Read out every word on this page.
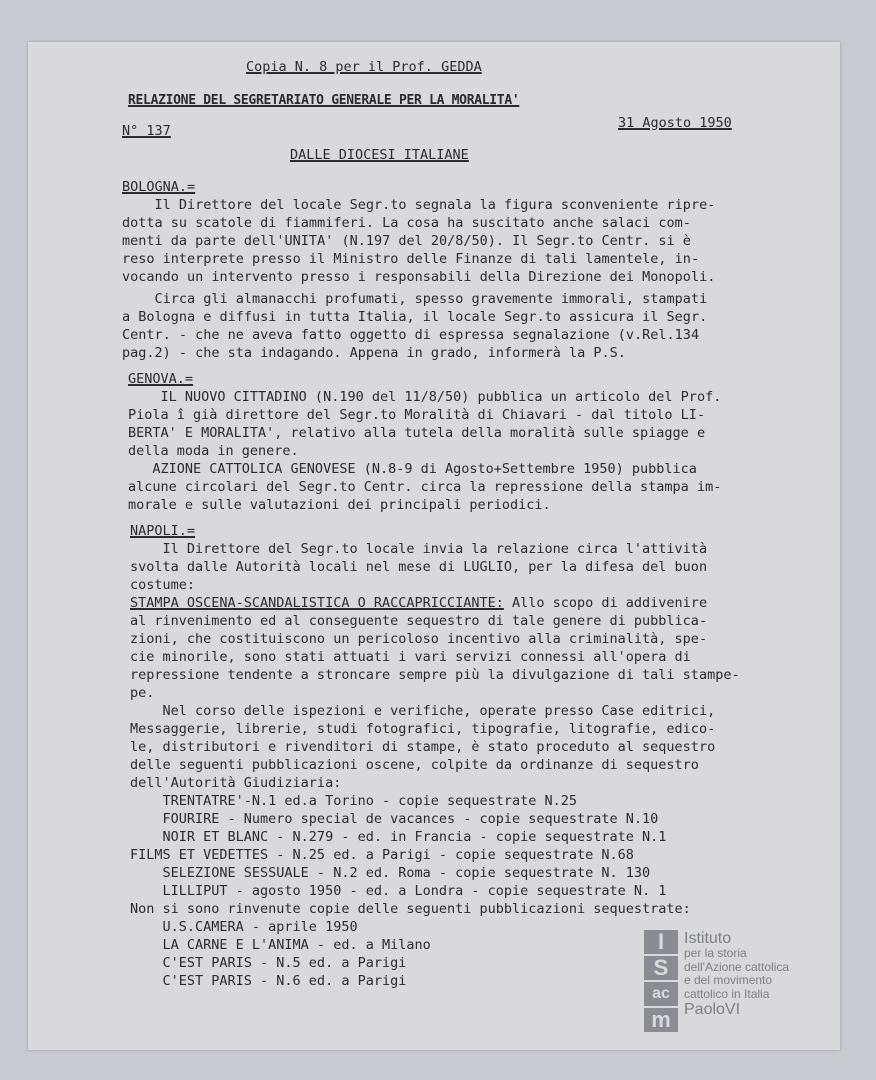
Copia N. 8 per il Prof. GEDDA
RELAZIONE DEL SEGRETARIATO GENERALE PER LA MORALITA'
N° 137	31 Agosto 1950
DALLE DIOCESI ITALIANE
BOLOGNA.=
Il Direttore del locale Segr.to segnala la figura sconveniente ripre-
dotta su scatole di fiammiferi. La cosa ha suscitato anche salaci com-
menti da parte dell'UNITA' (N.197 del 20/8/50). Il Segr.to Centr. si è
reso interprete presso il Ministro delle Finanze di tali lamentele, in-
vocando un intervento presso i responsabili della Direzione dei Monopoli.
Circa gli almanacchi profumati, spesso gravemente immorali, stampati
a Bologna e diffusi in tutta Italia, il locale Segr.to assicura il Segr.
Centr. - che ne aveva fatto oggetto di espressa segnalazione (v.Rel.134
pag.2) - che sta indagando. Appena in grado, informerà la P.S.
GENOVA.=
IL NUOVO CITTADINO (N.190 del 11/8/50) pubblica un articolo del Prof.
Piola î già direttore del Segr.to Moralità di Chiavari - dal titolo LI-
BERTA' E MORALITA', relativo alla tutela della moralità sulle spiagge e
della moda in genere.
AZIONE CATTOLICA GENOVESE (N.8-9 di Agosto+Settembre 1950) pubblica
alcune circolari del Segr.to Centr. circa la repressione della stampa im-
morale e sulle valutazioni dei principali periodici.
NAPOLI.=
Il Direttore del Segr.to locale invia la relazione circa l'attività
svolta dalle Autorità locali nel mese di LUGLIO, per la difesa del buon
costume:
STAMPA OSCENA-SCANDALISTICA O RACCAPRICCIANTE: Allo scopo di addivenire
al rinvenimento ed al conseguente sequestro di tale genere di pubblica-
zioni, che costituiscono un pericoloso incentivo alla criminalità, spe-
cie minorile, sono stati attuati i vari servizi connessi all'opera di
repressione tendente a stroncare sempre più la divulgazione di tali stampe-
pe.
Nel corso delle ispezioni e verifiche, operate presso Case editrici,
Messaggerie, librerie, studi fotografici, tipografie, litografie, edico-
le, distributori e rivenditori di stampe, è stato proceduto al sequestro
delle seguenti pubblicazioni oscene, colpite da ordinanze di sequestro
dell'Autorità Giudiziaria:
TRENTATRE'-N.1 ed.a Torino - copie sequestrate N.25
FOURIRE - Numero special de vacances - copie sequestrate N.10
NOIR ET BLANC - N.279 - ed. in Francia - copie sequestrate N.1
FILMS ET VEDETTES - N.25 ed. a Parigi - copie sequestrate N.68
SELEZIONE SESSUALE - N.2 ed. Roma - copie sequestrate N. 130
LILLIPUT - agosto 1950 - ed. a Londra - copie sequestrate N. 1
Non si sono rinvenute copie delle seguenti pubblicazioni sequestrate:
U.S.CAMERA - aprile 1950
LA CARNE E L'ANIMA - ed. a Milano
C'EST PARIS - N.5 ed. a Parigi
C'EST PARIS - N.6 ed. a Parigi
I
S
ac
m
Istituto
per la storia
dell'Azione cattolica
e del movimento
cattolico in Italia
PaoloVI
